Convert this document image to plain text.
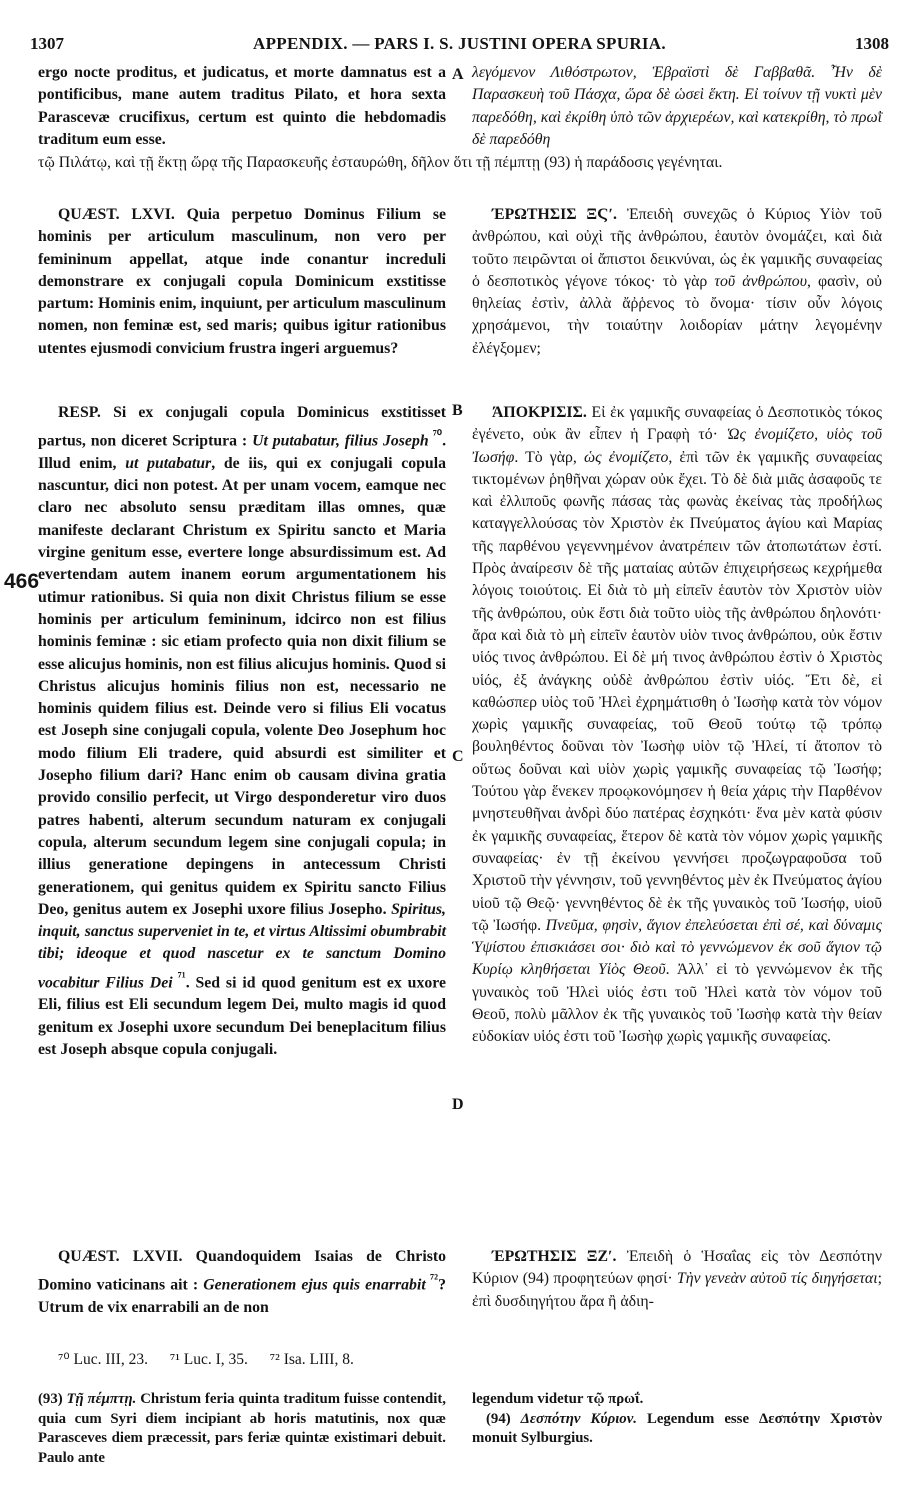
1307	APPENDIX. — PARS I. S. JUSTINI OPERA SPURIA.	1308

ergo nocte proditus, et judicatus, et morte damnatus est a pontificibus, mane autem traditus Pilato, et hora sexta Parascevæ crucifixus, certum est quinto die hebdomadis traditum eum esse.

λεγόμενον Λιθόστρωτον, Ἑβραϊστὶ δὲ Γαββαθᾶ. Ἦν δὲ Παρασκευὴ τοῦ Πάσχα, ὥρα δὲ ὡσεὶ ἕκτη. Εἰ τοίνυν τῇ νυκτὶ μὲν παρεδόθη, καὶ ἐκρίθη ὑπὸ τῶν ἀρχιερέων, καὶ κατεκρίθη, τὸ πρωῒ δὲ παρεδόθη

τῷ Πιλάτῳ, καὶ τῇ ἕκτῃ ὥρᾳ τῆς Παρασκευῆς ἐσταυρώθη, δῆλον ὅτι τῇ πέμπτῃ (93) ἡ παράδοσις γεγένηται.

QUÆST. LXVI. Quia perpetuo Dominus Filium se hominis per articulum masculinum, non vero per femininum appellat, atque inde conantur increduli demonstrare ex conjugali copula Dominicum exstitisse partum: Hominis enim, inquiunt, per articulum masculinum nomen, non feminæ est, sed maris; quibus igitur rationibus utentes ejusmodi convicium frustra ingeri arguemus?

ΈΡΩΤΗΣΙΣ ΞϚʹ. Ἐπειδὴ συνεχῶς ὁ Κύριος Υἱὸν τοῦ ἀνθρώπου, καὶ οὐχὶ τῆς ἀνθρώπου, ἑαυτὸν ὀνομάζει, καὶ διὰ τοῦτο πειρῶνται οἱ ἄπιστοι δεικνύναι, ὡς ἐκ γαμικῆς συναφείας ὁ δεσποτικὸς γέγονε τόκος· τὸ γὰρ τοῦ ἀνθρώπου, φασὶν, οὐ θηλείας ἐστὶν, ἀλλὰ ἄῤῥενος τὸ ὄνομα· τίσιν οὖν λόγοις χρησάμενοι, τὴν τοιαύτην λοιδορίαν μάτην λεγομένην ἐλέγξομεν;

RESP. Si ex conjugali copula Dominicus exstitisset partus, non diceret Scriptura : Ut putabatur, filius Joseph $^{^{70}}$. Illud enim, ut putabatur, de iis, qui ex conjugali copula nascuntur, dici non potest. At per unam vocem, eamque nec claro nec absoluto sensu præditam illas omnes, quæ manifeste declarant Christum ex Spiritu sancto et Maria virgine genitum esse, evertere longe absurdissimum est. Ad evertendam autem inanem eorum argumentationem his utimur rationibus. Si quia non dixit Christus filium se esse hominis per articulum femininum, idcirco non est filius hominis feminæ : sic etiam profecto quia non dixit filium se esse alicujus hominis, non est filius alicujus hominis. Quod si Christus alicujus hominis filius non est, necessario ne hominis quidem filius est. Deinde vero si filius Eli vocatus est Joseph sine conjugali copula, volente Deo Josephum hoc modo filium Eli tradere, quid absurdi est similiter et Josepho filium dari? Hanc enim ob causam divina gratia provido consilio perfecit, ut Virgo desponderetur viro duos patres habenti, alterum secundum naturam ex conjugali copula, alterum secundum legem sine conjugali copula; in illius generatione depingens in antecessum Christi generationem, qui genitus quidem ex Spiritu sancto Filius Deo, genitus autem ex Josephi uxore filius Josepho. Spiritus, inquit, sanctus superveniet in te, et virtus Altissimi obumbrabit tibi; ideoque et quod nascetur ex te sanctum Domino vocabitur Filius Dei $^{^{71}}$. Sed si id quod genitum est ex uxore Eli, filius est Eli secundum legem Dei, multo magis id quod genitum ex Josephi uxore secundum Dei beneplacitum filius est Joseph absque copula conjugali.

ΆΠΟΚΡΙΣΙΣ. Εἰ ἐκ γαμικῆς συναφείας ὁ Δεσποτικὸς τόκος ἐγένετο, οὐκ ἂν εἶπεν ἡ Γραφὴ τό· Ὡς ἐνομίζετο, υἱὸς τοῦ Ἰωσήφ. Τὸ γὰρ, ὡς ἐνομίζετο, ἐπὶ τῶν ἐκ γαμικῆς συναφείας τικτομένων ῥηθῆναι χώραν οὐκ ἔχει. Τὸ δὲ διὰ μιᾶς ἀσαφοῦς τε καὶ ἐλλιποῦς φωνῆς πάσας τὰς φωνὰς ἐκείνας τὰς προδήλως καταγγελλούσας τὸν Χριστὸν ἐκ Πνεύματος ἁγίου καὶ Μαρίας τῆς παρθένου γεγεννημένον ἀνατρέπειν τῶν ἀτοπωτάτων ἐστί. Πρὸς ἀναίρεσιν δὲ τῆς ματαίας αὐτῶν ἐπιχειρήσεως κεχρήμεθα λόγοις τοιούτοις. Εἰ διὰ τὸ μὴ εἰπεῖν ἑαυτὸν τὸν Χριστὸν υἱὸν τῆς ἀνθρώπου, οὐκ ἔστι διὰ τοῦτο υἱὸς τῆς ἀνθρώπου δηλονότι· ἄρα καὶ διὰ τὸ μὴ εἰπεῖν ἑαυτὸν υἱὸν τινος ἀνθρώπου, οὐκ ἔστιν υἱός τινος ἀνθρώπου. Εἰ δὲ μή τινος ἀνθρώπου ἐστὶν ὁ Χριστὸς υἱός, ἐξ ἀνάγκης οὐδὲ ἀνθρώπου ἐστὶν υἱός. Ἔτι δὲ, εἰ καθώσπερ υἱὸς τοῦ Ἠλεὶ ἐχρημάτισθη ὁ Ἰωσὴφ κατὰ τὸν νόμον χωρὶς γαμικῆς συναφείας, τοῦ Θεοῦ τούτῳ τῷ τρόπῳ βουληθέντος δοῦναι τὸν Ἰωσὴφ υἱὸν τῷ Ἠλεί, τί ἄτοπον τὸ οὕτως δοῦναι καὶ υἱὸν χωρὶς γαμικῆς συναφείας τῷ Ἰωσήφ; Τούτου γὰρ ἕνεκεν προῳκονόμησεν ἡ θεία χάρις τὴν Παρθένον μνηστευθῆναι ἀνδρὶ δύο πατέρας ἐσχηκότι· ἕνα μὲν κατὰ φύσιν ἐκ γαμικῆς συναφείας, ἕτερον δὲ κατὰ τὸν νόμον χωρὶς γαμικῆς συναφείας· ἐν τῇ ἐκείνου γεννήσει προζωγραφοῦσα τοῦ Χριστοῦ τὴν γέννησιν, τοῦ γεννηθέντος μὲν ἐκ Πνεύματος ἁγίου υἱοῦ τῷ Θεῷ· γεννηθέντος δὲ ἐκ τῆς γυναικὸς τοῦ Ἰωσήφ, υἱοῦ τῷ Ἰωσήφ. Πνεῦμα, φησὶν, ἅγιον ἐπελεύσεται ἐπὶ σέ, καὶ δύναμις Ὑψίστου ἐπισκιάσει σοι· διὸ καὶ τὸ γεννώμενον ἐκ σοῦ ἅγιον τῷ Κυρίῳ κληθήσεται Υἱὸς Θεοῦ. Ἀλλ᾽ εἰ τὸ γεννώμενον ἐκ τῆς γυναικὸς τοῦ Ἠλεὶ υἱός ἐστι τοῦ Ἠλεὶ κατὰ τὸν νόμον τοῦ Θεοῦ, πολὺ μᾶλλον ἐκ τῆς γυναικὸς τοῦ Ἰωσὴφ κατὰ τὴν θείαν εὐδοκίαν υἱός ἐστι τοῦ Ἰωσὴφ χωρὶς γαμικῆς συναφείας.

QUÆST. LXVII. Quandoquidem Isaias de Christo Domino vaticinans ait : Generationem ejus quis enarrabit $^{^{72}}$? Utrum de vix enarrabili an de non

ΈΡΩΤΗΣΙΣ ΞΖʹ. Ἐπειδὴ ὁ Ἡσαΐας εἰς τὸν Δεσπότην Κύριον (94) προφητεύων φησί· Τὴν γενεὰν αὐτοῦ τίς διηγήσεται; ἐπὶ δυσδιηγήτου ἄρα ἢ ἀδιη-

⁷⁰ Luc. III, 23. ⁷¹ Luc. I, 35. ⁷² Isa. LIII, 8.
(93) Τῇ πέμπτῃ. Christum feria quinta traditum fuisse contendit, quia cum Syri diem incipiant ab horis matutinis, nox quæ Parasceves diem præcessit, pars feriæ quintæ existimari debuit. Paulo ante
legendum videtur τῷ πρωΐ.
(94) Δεσπότην Κύριον. Legendum esse Δεσπότην Χριστὸν monuit Sylburgius.
A
B
C
D
466
